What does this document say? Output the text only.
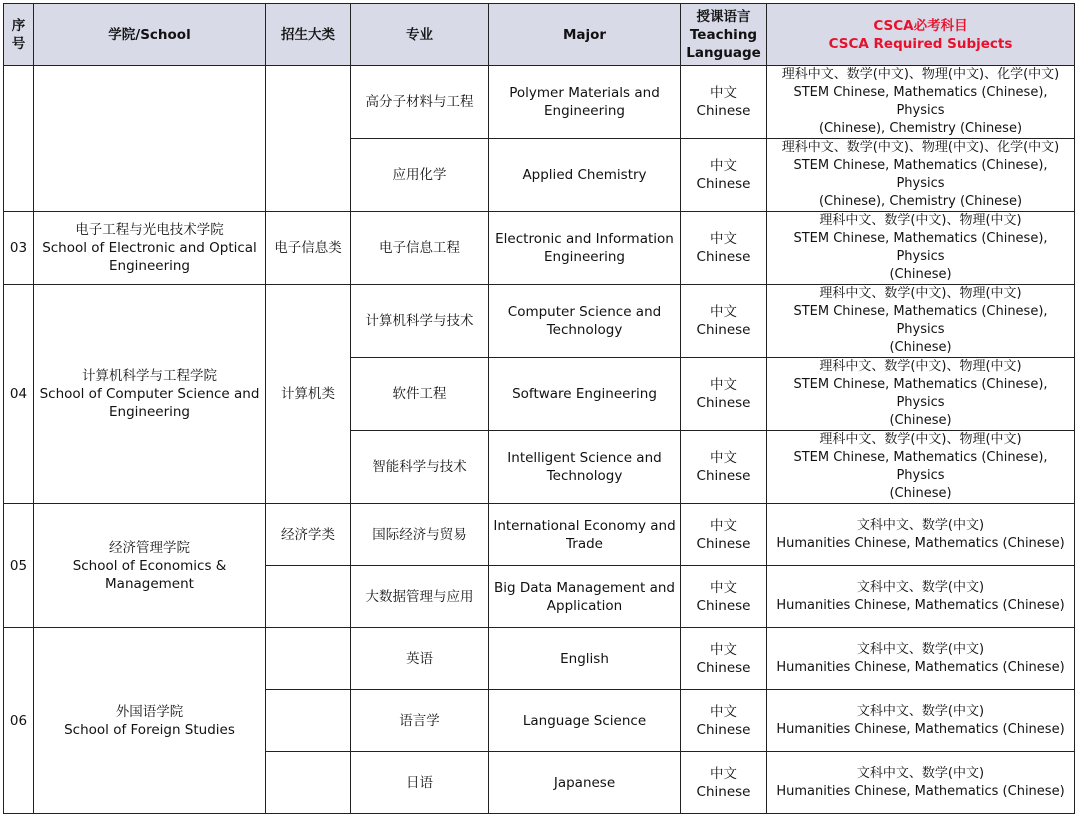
序号	学院/School	招生大类	专业	Major	授课语言
Teaching
Language	CSCA必考科目
CSCA Required Subjects

			高分子材料与工程	Polymer Materials and
Engineering	中文
Chinese	理科中文、数学(中文)、物理(中文)、化学(中文)
STEM Chinese, Mathematics (Chinese), Physics
(Chinese), Chemistry (Chinese)

			应用化学	Applied Chemistry	中文
Chinese	理科中文、数学(中文)、物理(中文)、化学(中文)
STEM Chinese, Mathematics (Chinese), Physics
(Chinese), Chemistry (Chinese)

03	电子工程与光电技术学院
School of Electronic and Optical
Engineering	电子信息类	电子信息工程	Electronic and Information
Engineering	中文
Chinese	理科中文、数学(中文)、物理(中文)
STEM Chinese, Mathematics (Chinese), Physics
(Chinese)

04	计算机科学与工程学院
School of Computer Science and
Engineering	计算机类	计算机科学与技术	Computer Science and
Technology	中文
Chinese	理科中文、数学(中文)、物理(中文)
STEM Chinese, Mathematics (Chinese), Physics
(Chinese)

			软件工程	Software Engineering	中文
Chinese	理科中文、数学(中文)、物理(中文)
STEM Chinese, Mathematics (Chinese), Physics
(Chinese)

			智能科学与技术	Intelligent Science and
Technology	中文
Chinese	理科中文、数学(中文)、物理(中文)
STEM Chinese, Mathematics (Chinese), Physics
(Chinese)

05	经济管理学院
School of Economics &
Management	经济学类	国际经济与贸易	International Economy and
Trade	中文
Chinese	文科中文、数学(中文)
Humanities Chinese, Mathematics (Chinese)

			大数据管理与应用	Big Data Management and
Application	中文
Chinese	文科中文、数学(中文)
Humanities Chinese, Mathematics (Chinese)

06	外国语学院
School of Foreign Studies		英语	English	中文
Chinese	文科中文、数学(中文)
Humanities Chinese, Mathematics (Chinese)

			语言学	Language Science	中文
Chinese	文科中文、数学(中文)
Humanities Chinese, Mathematics (Chinese)

			日语	Japanese	中文
Chinese	文科中文、数学(中文)
Humanities Chinese, Mathematics (Chinese)
